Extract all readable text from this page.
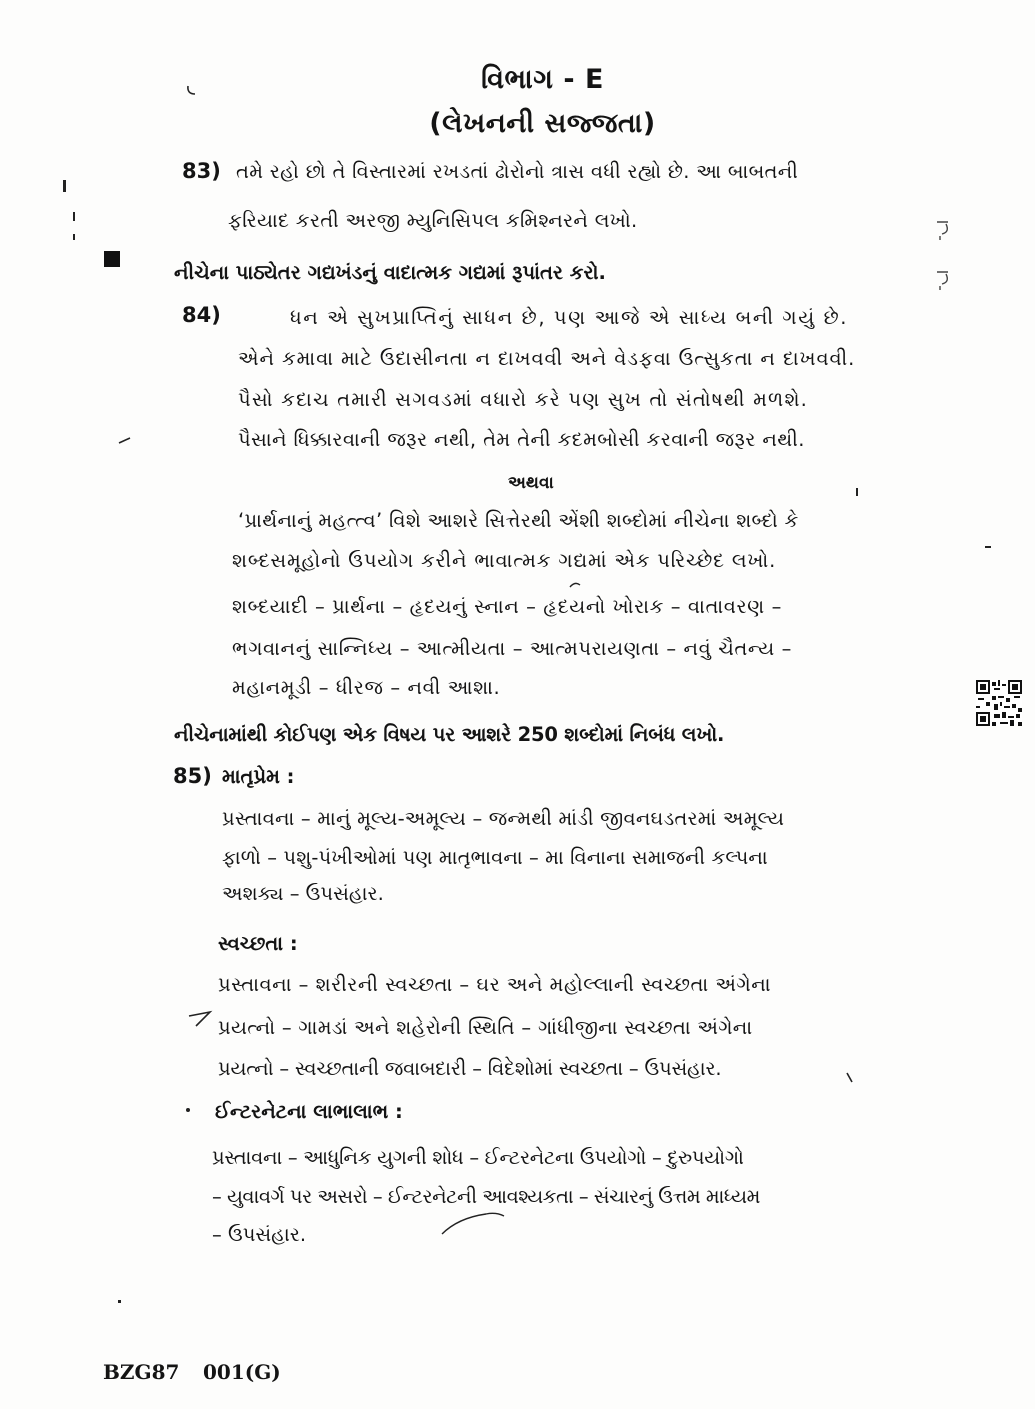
વિભાગ - E
(લેખનની સજ્જતા)
83) તમે રહો છો તે વિસ્તારમાં રખડતાં ઢોરોનો ત્રાસ વધી રહ્યો છે. આ બાબતની
ફરિયાદ કરતી અરજી મ્યુનિસિપલ કમિશ્નરને લખો.
નીચેના પાઠ્યેતર ગદ્યખંડનું વાદાત્મક ગદ્યમાં રૂપાંતર કરો.
84)	ધન એ સુખપ્રાપ્તિનું સાધન છે, પણ આજે એ સાધ્ય બની ગયું છે.
એને કમાવા માટે ઉદાસીનતા ન દાખવવી અને વેડફવા ઉત્સુકતા ન દાખવવી.
પૈસો કદાચ તમારી સગવડમાં વધારો કરે પણ સુખ તો સંતોષથી મળશે.
પૈસાને ધિક્કારવાની જરૂર નથી, તેમ તેની કદમબોસી કરવાની જરૂર નથી.
અથવા
‘પ્રાર્થનાનું મહત્ત્વ’ વિશે આશરે સિત્તેરથી એંશી શબ્દોમાં નીચેના શબ્દો કે
શબ્દસમૂહોનો ઉપયોગ કરીને ભાવાત્મક ગદ્યમાં એક પરિચ્છેદ લખો.
શબ્દયાદી – પ્રાર્થના – હૃદયનું સ્નાન – હૃદયનો ખોરાક – વાતાવરણ –
ભગવાનનું સાન્નિધ્ય – આત્મીયતા – આત્મપરાયણતા – નવું ચૈતન્ય –
મહાનમૂડી – ધીરજ – નવી આશા.
નીચેનામાંથી કોઈપણ એક વિષય પર આશરે 250 શબ્દોમાં નિબંધ લખો.
85) માતૃપ્રેમ :
પ્રસ્તાવના – માનું મૂલ્ય-અમૂલ્ય – જન્મથી માંડી જીવનઘડતરમાં અમૂલ્ય
ફાળો – પશુ-પંખીઓમાં પણ માતૃભાવના – મા વિનાના સમાજની કલ્પના
અશક્ય – ઉપસંહાર.
સ્વચ્છતા :
પ્રસ્તાવના – શરીરની સ્વચ્છતા – ઘર અને મહોલ્લાની સ્વચ્છતા અંગેના
પ્રયત્નો – ગામડાં અને શહેરોની સ્થિતિ – ગાંધીજીના સ્વચ્છતા અંગેના
પ્રયત્નો – સ્વચ્છતાની જવાબદારી – વિદેશોમાં સ્વચ્છતા – ઉપસંહાર.
ઈન્ટરનેટના લાભાલાભ :
પ્રસ્તાવના – આધુનિક યુગની શોધ – ઈન્ટરનેટના ઉપયોગો – દુરુપયોગો
– યુવાવર્ગ પર અસરો – ઈન્ટરનેટની આવશ્યકતા – સંચારનું ઉત્તમ માધ્યમ
– ઉપસંહાર.
BZG87 001(G)
